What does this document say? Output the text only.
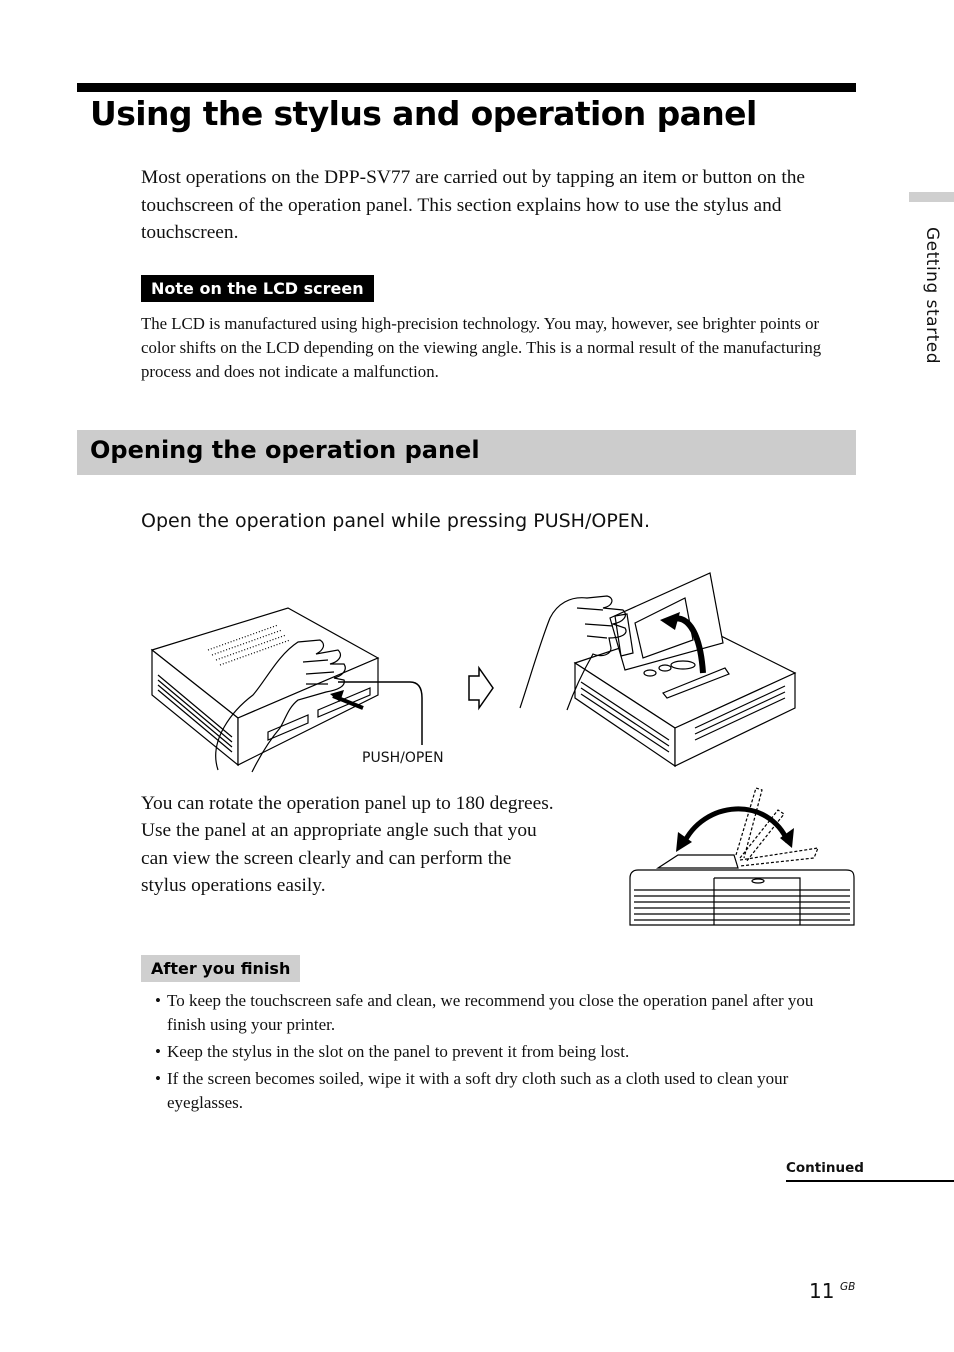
Using the stylus and operation panel

Most operations on the DPP-SV77 are carried out by tapping an item or button on the touchscreen of the operation panel. This section explains how to use the stylus and touchscreen.

Note on the LCD screen

The LCD is manufactured using high-precision technology. You may, however, see brighter points or color shifts on the LCD depending on the viewing angle. This is a normal result of the manufacturing process and does not indicate a malfunction.

Opening the operation panel

Open the operation panel while pressing PUSH/OPEN.

PUSH/OPEN

You can rotate the operation panel up to 180 degrees. Use the panel at an appropriate angle such that you can view the screen clearly and can perform the stylus operations easily.

After you finish
• To keep the touchscreen safe and clean, we recommend you close the operation panel after you finish using your printer.
• Keep the stylus in the slot on the panel to prevent it from being lost.
• If the screen becomes soiled, wipe it with a soft dry cloth such as a cloth used to clean your eyeglasses.
Continued
11 GB
Getting started
